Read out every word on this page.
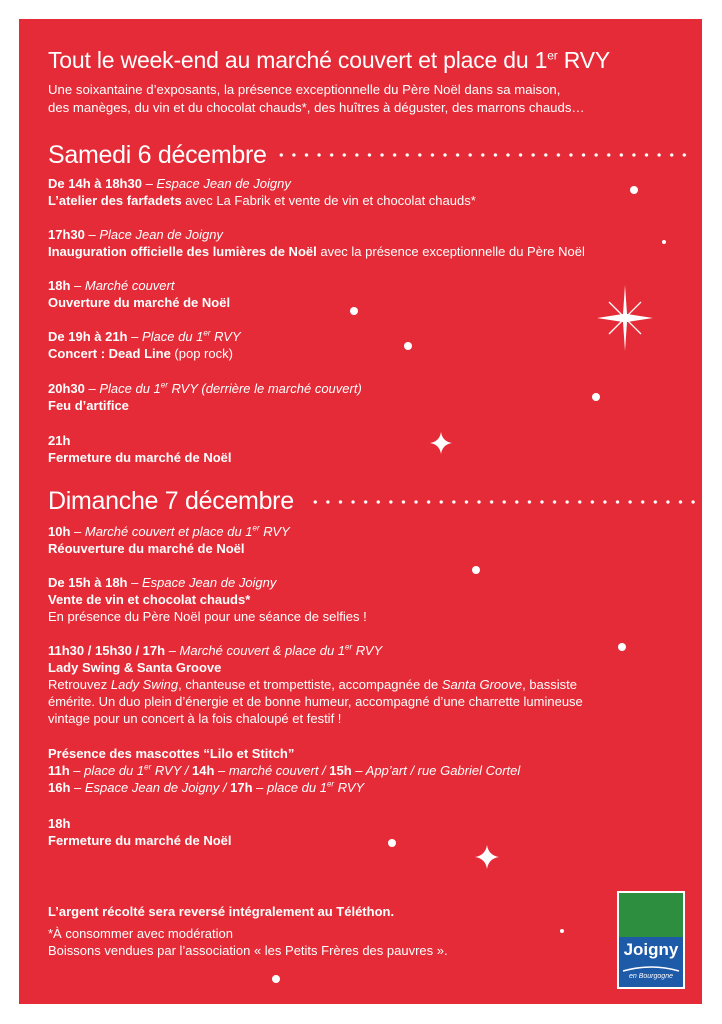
Tout le week-end au marché couvert et place du 1er RVY
Une soixantaine d’exposants, la présence exceptionnelle du Père Noël dans sa maison,
des manèges, du vin et du chocolat chauds*, des huîtres à déguster, des marrons chauds…
Samedi 6 décembre

De 14h à 18h30 – Espace Jean de Joigny

L’atelier des farfadets avec La Fabrik et vente de vin et chocolat chauds*

17h30 – Place Jean de Joigny

Inauguration officielle des lumières de Noël avec la présence exceptionnelle du Père Noël

18h – Marché couvert

Ouverture du marché de Noël

De 19h à 21h – Place du 1er RVY

Concert : Dead Line (pop rock)

20h30 – Place du 1er RVY (derrière le marché couvert)

Feu d’artifice

21h

Fermeture du marché de Noël

Dimanche 7 décembre

10h – Marché couvert et place du 1er RVY

Réouverture du marché de Noël

De 15h à 18h – Espace Jean de Joigny

Vente de vin et chocolat chauds*

En présence du Père Noël pour une séance de selfies !

11h30 / 15h30 / 17h – Marché couvert & place du 1er RVY

Lady Swing & Santa Groove

Retrouvez Lady Swing, chanteuse et trompettiste, accompagnée de Santa Groove, bassiste

émérite. Un duo plein d’énergie et de bonne humeur, accompagné d’une charrette lumineuse

vintage pour un concert à la fois chaloupé et festif !

Présence des mascottes “Lilo et Stitch”

11h – place du 1er RVY / 14h – marché couvert / 15h – App’art / rue Gabriel Cortel

16h – Espace Jean de Joigny / 17h – place du 1er RVY

18h

Fermeture du marché de Noël

L’argent récolté sera reversé intégralement au Téléthon.
*À consommer avec modération
Boissons vendues par l’association « les Petits Frères des pauvres ».	Joigny
en Bourgogne
